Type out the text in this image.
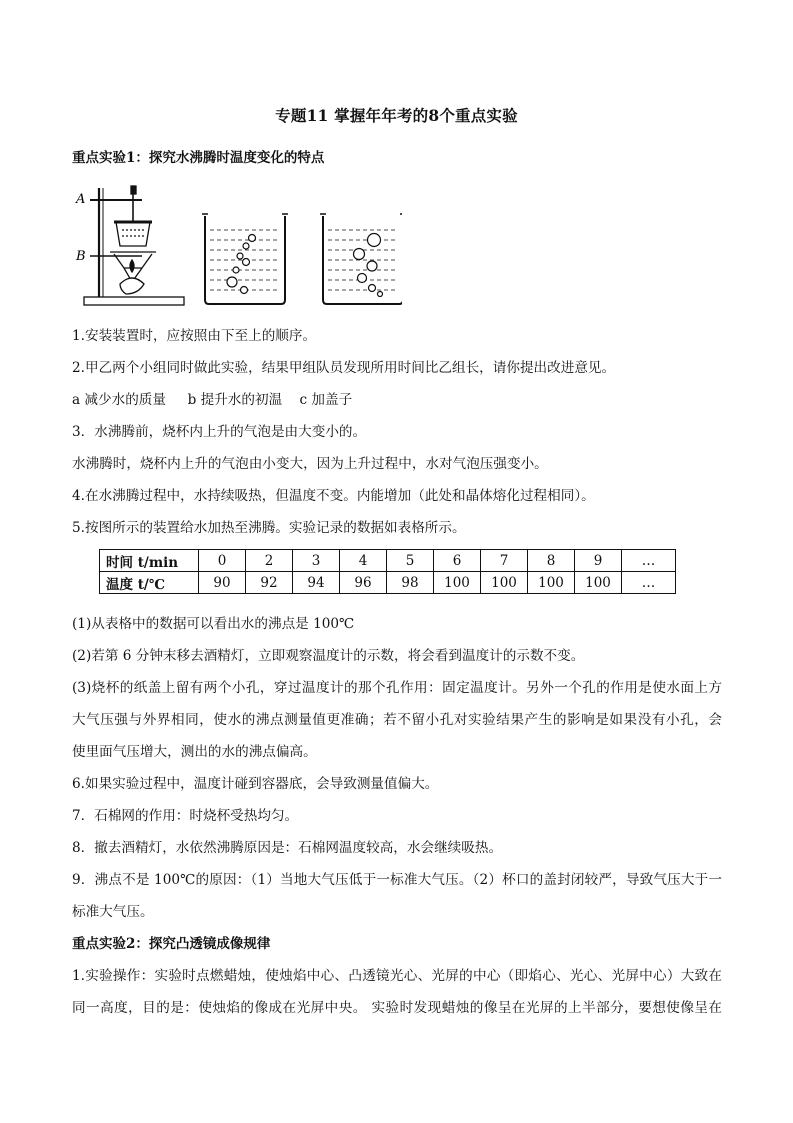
专题11 掌握年年考的8个重点实验
重点实验1：探究水沸腾时温度变化的特点
A
B
1.安装装置时，应按照由下至上的顺序。
2.甲乙两个小组同时做此实验，结果甲组队员发现所用时间比乙组长，请你提出改进意见。
a 减少水的质量     b 提升水的初温    c 加盖子
3．水沸腾前，烧杯内上升的气泡是由大变小的。
水沸腾时，烧杯内上升的气泡由小变大，因为上升过程中，水对气泡压强变小。
4.在水沸腾过程中，水持续吸热，但温度不变。内能增加（此处和晶体熔化过程相同）。
5.按图所示的装置给水加热至沸腾。实验记录的数据如表格所示。
时间 t/min	0	2	3	4	5	6	7	8	9	…
温度 t/℃	90	92	94	96	98	100	100	100	100	…
(1)从表格中的数据可以看出水的沸点是 100℃
(2)若第 6 分钟末移去酒精灯，立即观察温度计的示数，将会看到温度计的示数不变。
(3)烧杯的纸盖上留有两个小孔，穿过温度计的那个孔作用：固定温度计。另外一个孔的作用是使水面上方
大气压强与外界相同，使水的沸点测量值更准确；若不留小孔对实验结果产生的影响是如果没有小孔，会
使里面气压增大，测出的水的沸点偏高。
6.如果实验过程中，温度计碰到容器底，会导致测量值偏大。
7．石棉网的作用：时烧杯受热均匀。
8．撤去酒精灯，水依然沸腾原因是：石棉网温度较高，水会继续吸热。
9．沸点不是 100℃的原因：（1）当地大气压低于一标准大气压。（2）杯口的盖封闭较严，导致气压大于一
标准大气压。
重点实验2：探究凸透镜成像规律
1.实验操作：实验时点燃蜡烛，使烛焰中心、凸透镜光心、光屏的中心（即焰心、光心、光屏中心）大致在
同一高度，目的是：使烛焰的像成在光屏中央。 实验时发现蜡烛的像呈在光屏的上半部分，要想使像呈在
